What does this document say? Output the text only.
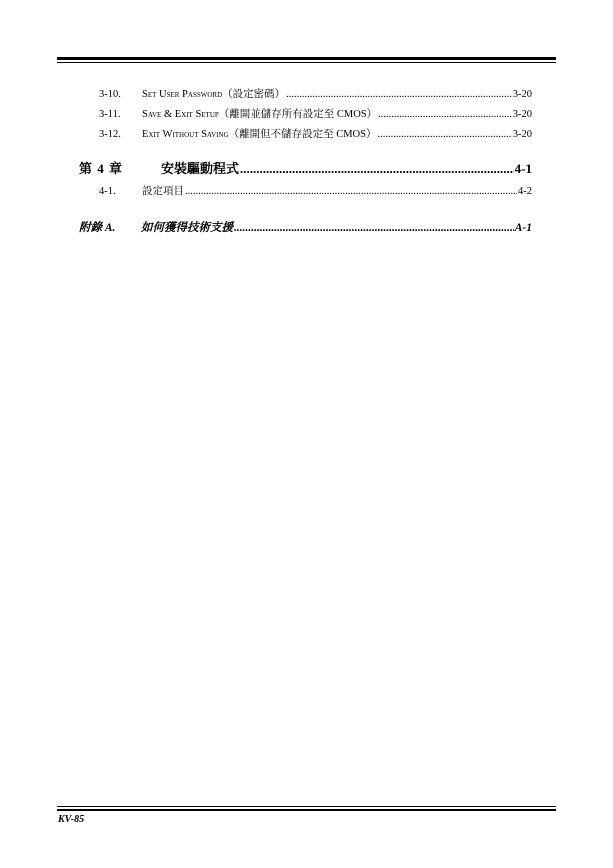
3-10.	Set User Password（設定密碼） .....	3-20
3-11.	Save & Exit Setup（離開並儲存所有設定至 CMOS） .....	3-20
3-12.	Exit Without Saving（離開但不儲存設定至 CMOS） .....	3-20
第 4 章	安裝驅動程式 .....	4-1
4-1.	設定項目 .....	4-2
附錄 A.	如何獲得技術支援 .....	A-1
KV-85
